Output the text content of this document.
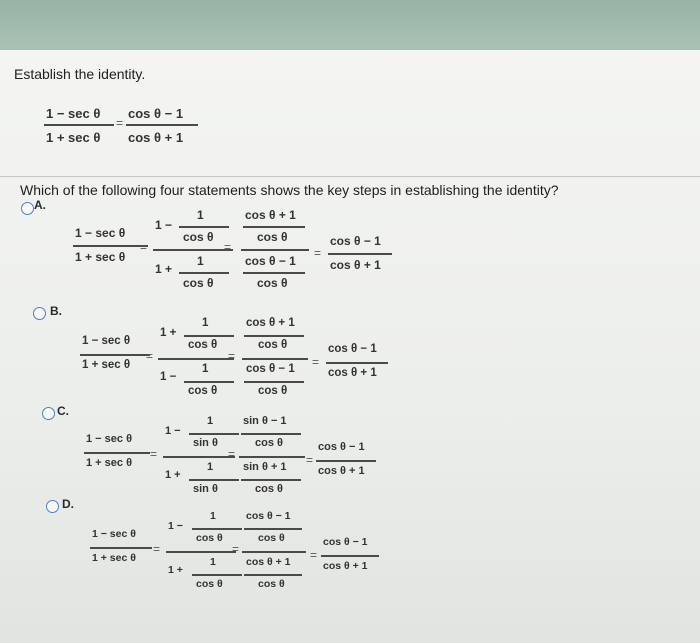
Establish the identity.
1 − sec θ
1 + sec θ
=
cos θ − 1
cos θ + 1
Which of the following four statements shows the key steps in establishing the identity?
A.
1 − sec θ
1 + sec θ
=
1 −
1
cos θ
1 +
1
cos θ
=
cos θ + 1
cos θ
cos θ − 1
cos θ
=
cos θ − 1
cos θ + 1
B.
1 − sec θ
1 + sec θ
=
1 +
1
cos θ
1 −
1
cos θ
=
cos θ + 1
cos θ
cos θ − 1
cos θ
=
cos θ − 1
cos θ + 1
C.
1 − sec θ
1 + sec θ
=
1 −
1
sin θ
1 +
1
sin θ
=
sin θ − 1
cos θ
sin θ + 1
cos θ
=
cos θ − 1
cos θ + 1
D.
1 − sec θ
1 + sec θ
=
1 −
1
cos θ
1 +
1
cos θ
=
cos θ − 1
cos θ
cos θ + 1
cos θ
=
cos θ − 1
cos θ + 1
